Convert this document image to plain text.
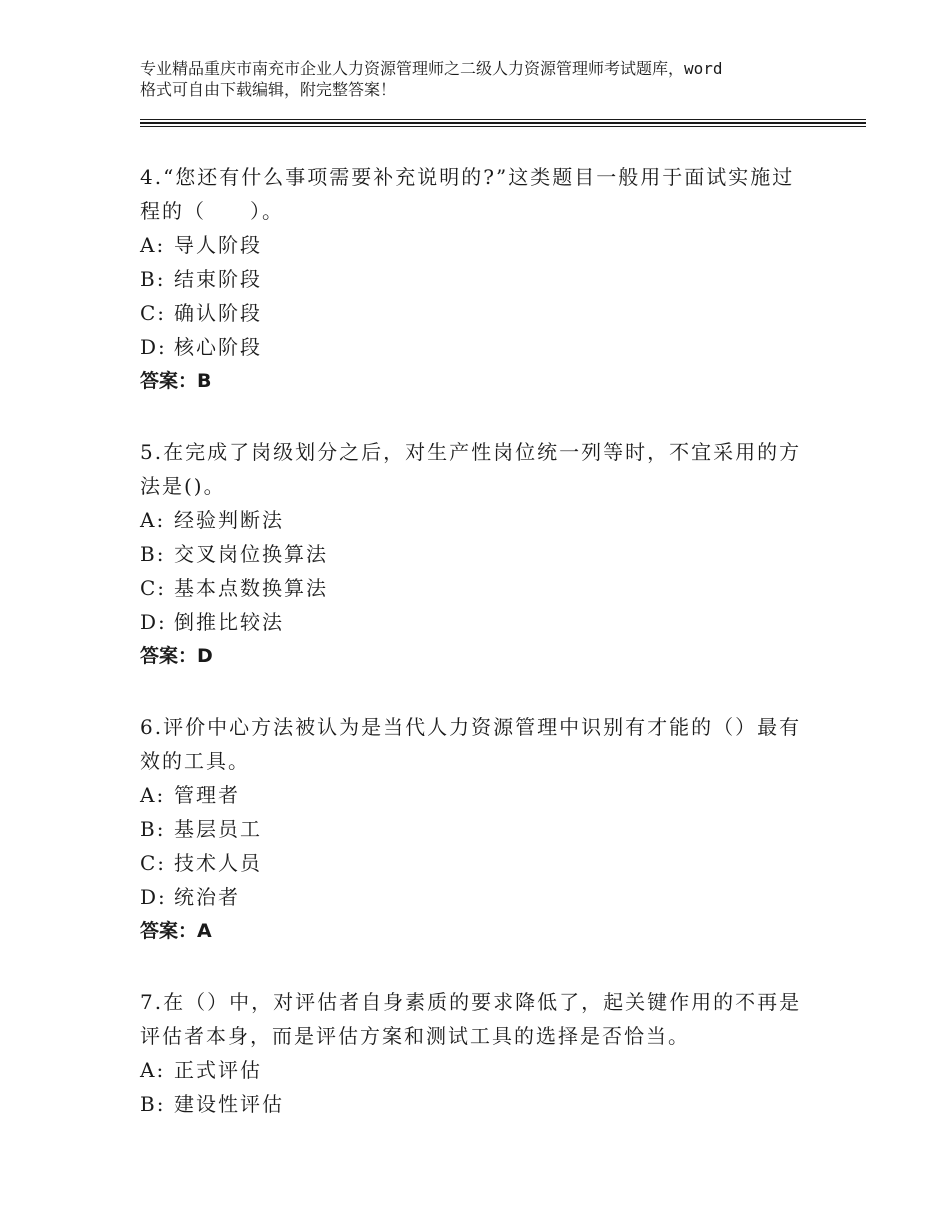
专业精品重庆市南充市企业人力资源管理师之二级人力资源管理师考试题库，word
格式可自由下载编辑，附完整答案！
4.“您还有什么事项需要补充说明的?”这类题目一般用于面试实施过
程的（　　）。
A: 导人阶段
B: 结束阶段
C: 确认阶段
D: 核心阶段
答案：B
5.在完成了岗级划分之后，对生产性岗位统一列等时，不宜采用的方
法是()。
A: 经验判断法
B: 交叉岗位换算法
C: 基本点数换算法
D: 倒推比较法
答案：D
6.评价中心方法被认为是当代人力资源管理中识别有才能的（）最有
效的工具。
A: 管理者
B: 基层员工
C: 技术人员
D: 统治者
答案：A
7.在（）中，对评估者自身素质的要求降低了，起关键作用的不再是
评估者本身，而是评估方案和测试工具的选择是否恰当。
A: 正式评估
B: 建设性评估
